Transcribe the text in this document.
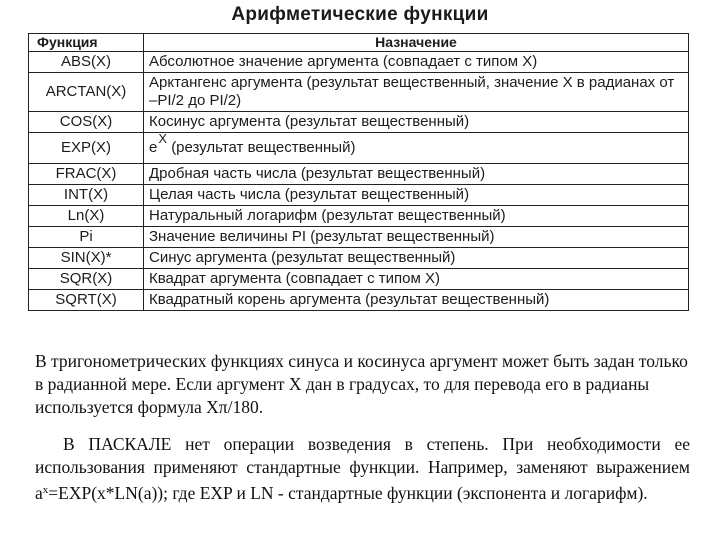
Арифметические функции
Функция	Назначение
ABS(X)	Абсолютное значение аргумента (совпадает с типом X)
ARCTAN(X)	Арктангенс аргумента (результат вещественный, значение X в радианах от –PI/2 до PI/2)
COS(X)	Косинус аргумента (результат вещественный)
EXP(X)	eX (результат вещественный)
FRAC(X)	Дробная часть числа (результат вещественный)
INT(X)	Целая часть числа (результат вещественный)
Ln(X)	Натуральный логарифм (результат вещественный)
Pi	Значение величины PI (результат вещественный)
SIN(X)*	Синус аргумента (результат вещественный)
SQR(X)	Квадрат аргумента (совпадает с типом X)
SQRT(X)	Квадратный корень аргумента (результат вещественный)

В тригонометрических функциях синуса и косинуса аргумент может быть задан только в радианной мере. Если аргумент X дан в градусах, то для перевода его в радианы используется формула Xπ/180.

В ПАСКАЛЕ нет операции возведения в степень. При необходимости ее использования применяют стандартные функции. Например, заменяют выражением $a^x=EXP(x*LN(a))$; где EXP и LN - стандартные функции (экспонента и логарифм).
